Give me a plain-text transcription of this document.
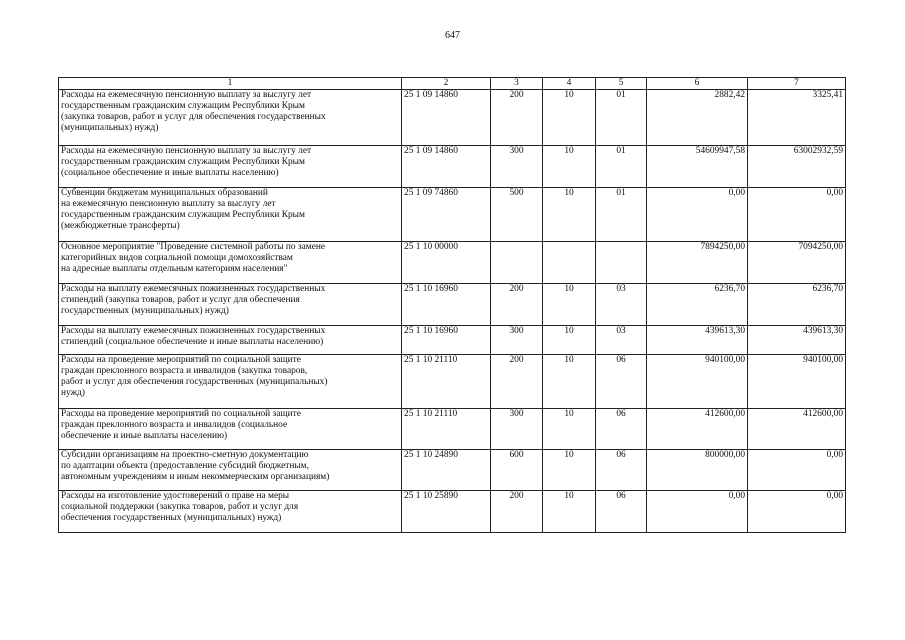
647
1	2	3	4	5	6	7
Расходы на ежемесячную пенсионную выплату за выслугу лет
государственным гражданским служащим Республики Крым
(закупка товаров, работ и услуг для обеспечения государственных
(муниципальных) нужд)	25 1 09 14860	200	10	01	2882,42	3325,41
Расходы на ежемесячную пенсионную выплату за выслугу лет
государственным гражданским служащим Республики Крым
(социальное обеспечение и иные выплаты населению)	25 1 09 14860	300	10	01	54609947,58	63002932,59
Субвенции бюджетам муниципальных образований
на ежемесячную пенсионную выплату за выслугу лет
государственным гражданским служащим Республики Крым
(межбюджетные трансферты)	25 1 09 74860	500	10	01	0,00	0,00
Основное мероприятие "Проведение системной работы по замене
категорийных видов социальной помощи домохозяйствам
на адресные выплаты отдельным категориям населения"	25 1 10 00000				7894250,00	7094250,00
Расходы на выплату ежемесячных пожизненных государственных
стипендий (закупка товаров, работ и услуг для обеспечения
государственных (муниципальных) нужд)	25 1 10 16960	200	10	03	6236,70	6236,70
Расходы на выплату ежемесячных пожизненных государственных
стипендий (социальное обеспечение и иные выплаты населению)	25 1 10 16960	300	10	03	439613,30	439613,30
Расходы на проведение мероприятий по социальной защите
граждан преклонного возраста и инвалидов (закупка товаров,
работ и услуг для обеспечения государственных (муниципальных)
нужд)	25 1 10 21110	200	10	06	940100,00	940100,00
Расходы на проведение мероприятий по социальной защите
граждан преклонного возраста и инвалидов (социальное
обеспечение и иные выплаты населению)	25 1 10 21110	300	10	06	412600,00	412600,00
Субсидии организациям на проектно-сметную документацию
по адаптации объекта (предоставление субсидий бюджетным,
автономным учреждениям и иным некоммерческим организациям)	25 1 10 24890	600	10	06	800000,00	0,00
Расходы на изготовление удостоверений о праве на меры
социальной поддержки (закупка товаров, работ и услуг для
обеспечения государственных (муниципальных) нужд)	25 1 10 25890	200	10	06	0,00	0,00
